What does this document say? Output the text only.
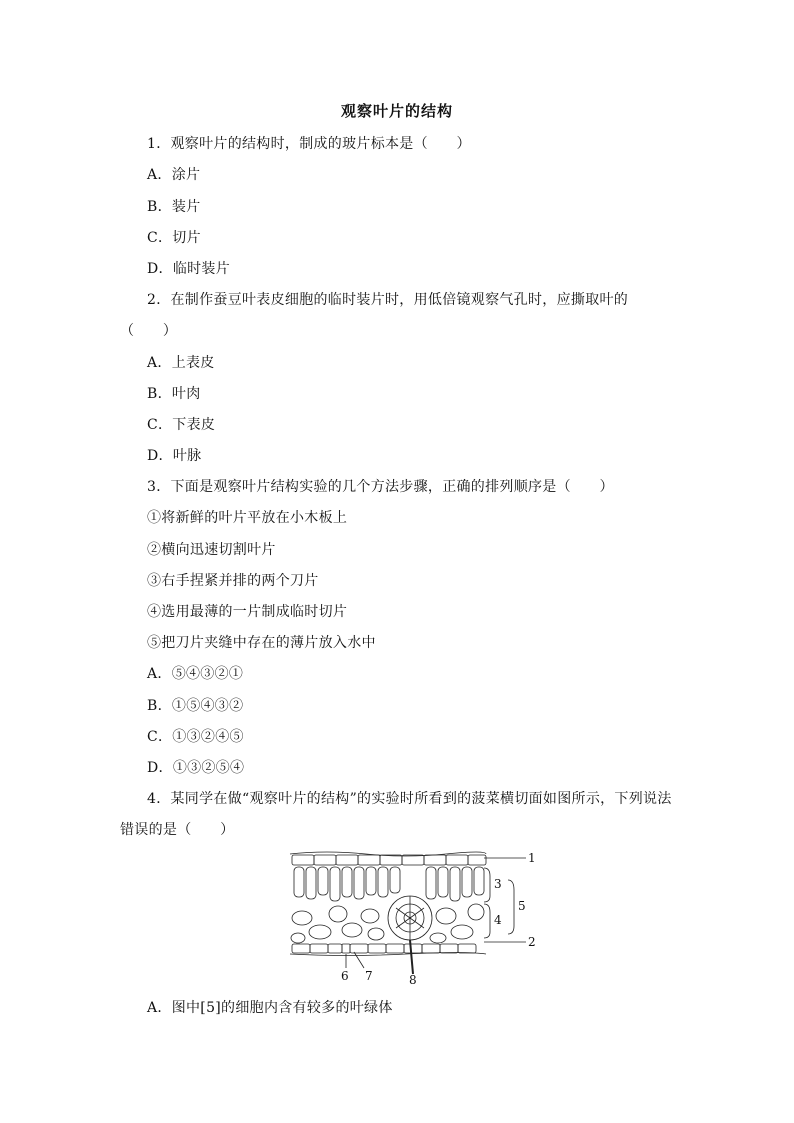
观察叶片的结构
1．观察叶片的结构时，制成的玻片标本是（　　）
A．涂片
B．装片
C．切片
D．临时装片
2．在制作蚕豆叶表皮细胞的临时装片时，用低倍镜观察气孔时，应撕取叶的
（　　）
A．上表皮
B．叶肉
C．下表皮
D．叶脉
3．下面是观察叶片结构实验的几个方法步骤，正确的排列顺序是（　　）
①将新鲜的叶片平放在小木板上
②横向迅速切割叶片
③右手捏紧并排的两个刀片
④选用最薄的一片制成临时切片
⑤把刀片夹缝中存在的薄片放入水中
A．⑤④③②①
B．①⑤④③②
C．①③②④⑤
D．①③②⑤④
4．某同学在做“观察叶片的结构”的实验时所看到的菠菜横切面如图所示，下列说法
错误的是（　　）
1
2
3
4
5
6 7	8
A．图中[5]的细胞内含有较多的叶绿体
